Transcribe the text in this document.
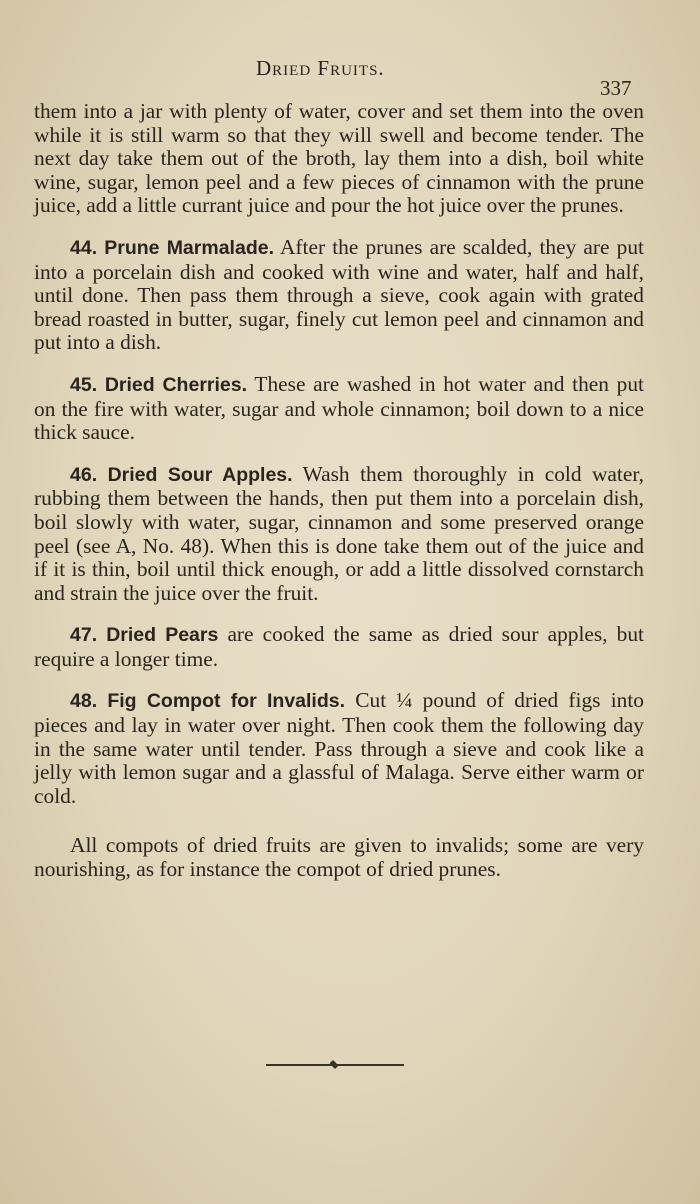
Dried Fruits.
337

them into a jar with plenty of water, cover and set them into the oven while it is still warm so that they will swell and become tender. The next day take them out of the broth, lay them into a dish, boil white wine, sugar, lemon peel and a few pieces of cinnamon with the prune juice, add a little currant juice and pour the hot juice over the prunes.

44. Prune Marmalade. After the prunes are scalded, they are put into a porcelain dish and cooked with wine and water, half and half, until done. Then pass them through a sieve, cook again with grated bread roasted in butter, sugar, finely cut lemon peel and cinnamon and put into a dish.

45. Dried Cherries. These are washed in hot water and then put on the fire with water, sugar and whole cinnamon; boil down to a nice thick sauce.

46. Dried Sour Apples. Wash them thoroughly in cold water, rubbing them between the hands, then put them into a porcelain dish, boil slowly with water, sugar, cinnamon and some preserved orange peel (see A, No. 48). When this is done take them out of the juice and if it is thin, boil until thick enough, or add a little dissolved cornstarch and strain the juice over the fruit.

47. Dried Pears are cooked the same as dried sour apples, but require a longer time.

48. Fig Compot for Invalids. Cut ¼ pound of dried figs into pieces and lay in water over night. Then cook them the following day in the same water until tender. Pass through a sieve and cook like a jelly with lemon sugar and a glassful of Malaga. Serve either warm or cold.

All compots of dried fruits are given to invalids; some are very nourishing, as for instance the compot of dried prunes.
